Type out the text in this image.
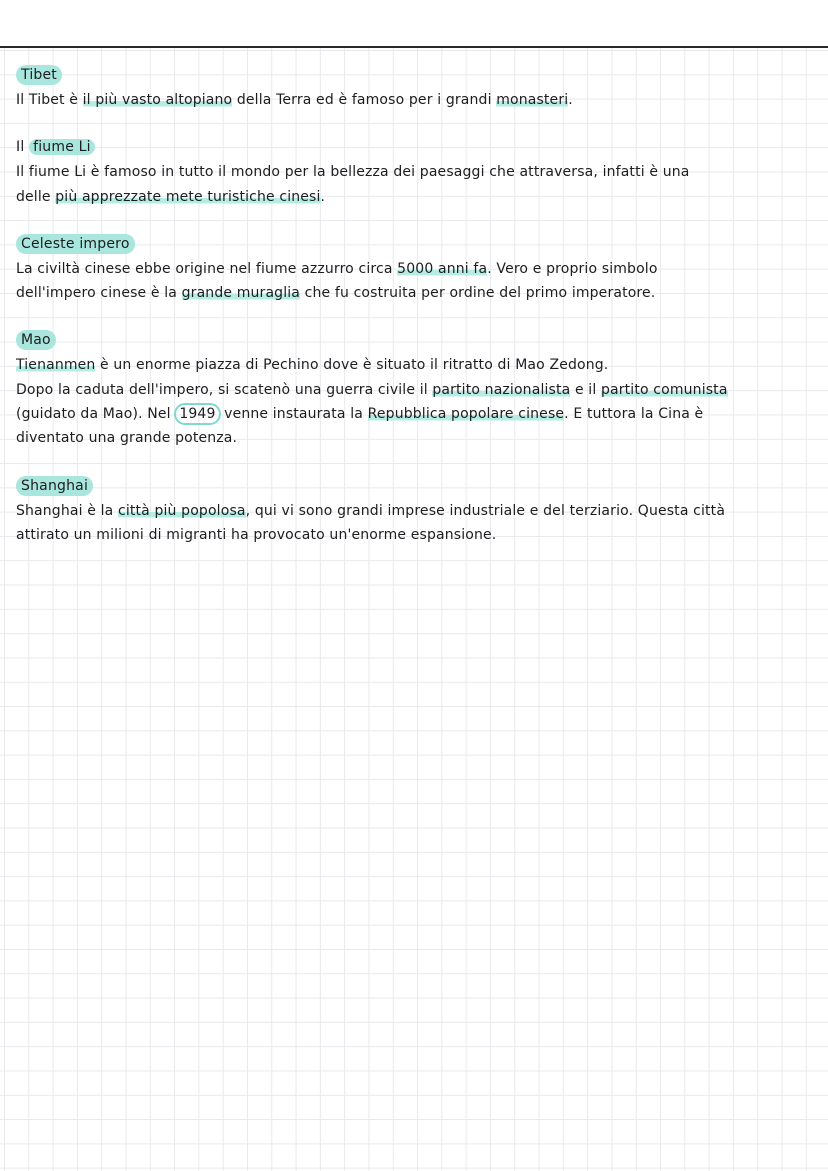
Tibet
Il Tibet è il più vasto altopiano della Terra ed è famoso per i grandi monasteri.
Il fiume Li
Il fiume Li è famoso in tutto il mondo per la bellezza dei paesaggi che attraversa, infatti è una
delle più apprezzate mete turistiche cinesi.
Celeste impero
La civiltà cinese ebbe origine nel fiume azzurro circa 5000 anni fa. Vero e proprio simbolo
dell'impero cinese è la grande muraglia che fu costruita per ordine del primo imperatore.
Mao
Tienanmen è un enorme piazza di Pechino dove è situato il ritratto di Mao Zedong.
Dopo la caduta dell'impero, si scatenò una guerra civile il partito nazionalista e il partito comunista
(guidato da Mao). Nel 1949 venne instaurata la Repubblica popolare cinese. E tuttora la Cina è
diventato una grande potenza.
Shanghai
Shanghai è la città più popolosa, qui vi sono grandi imprese industriale e del terziario. Questa città
attirato un milioni di migranti ha provocato un'enorme espansione.
